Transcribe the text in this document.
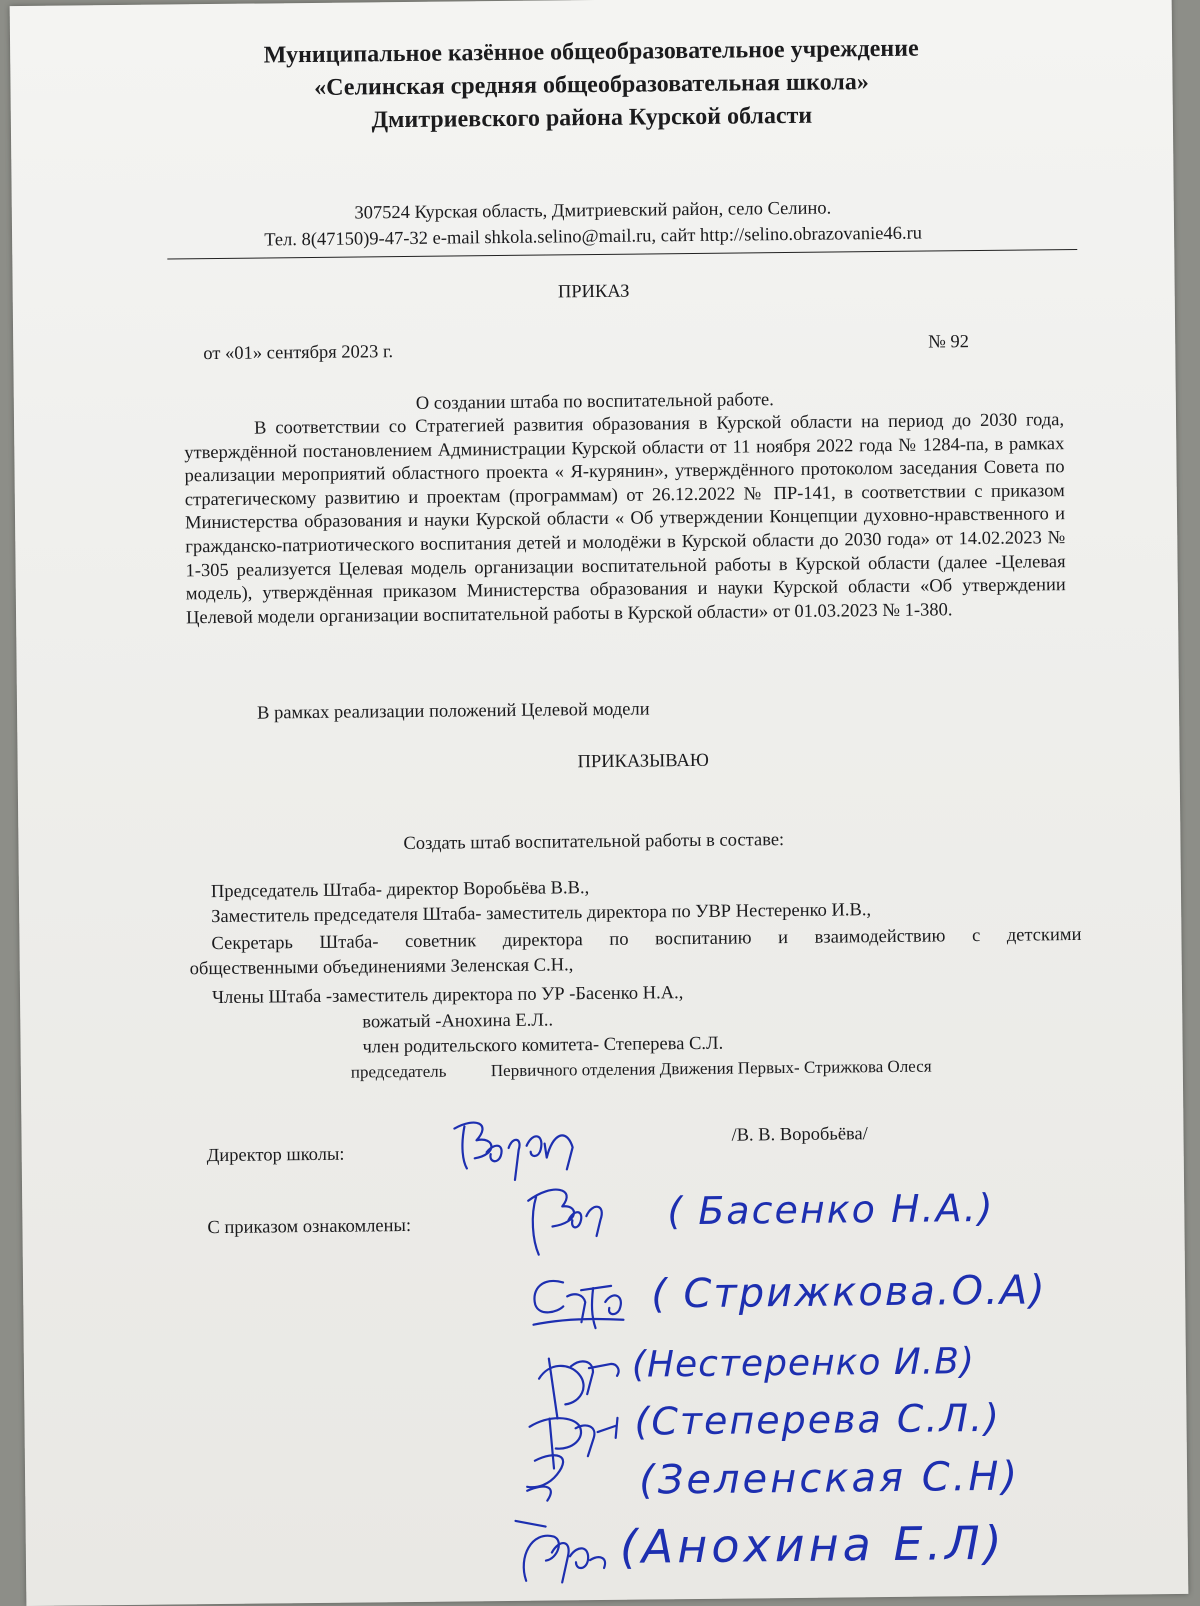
Муниципальное казённое общеобразовательное учреждение
«Селинская средняя общеобразовательная школа»
Дмитриевского района Курской области
307524 Курская область, Дмитриевский район, село Селино.
Тел. 8(47150)9-47-32 e-mail shkola.selino@mail.ru, сайт http://selino.obrazovanie46.ru
ПРИКАЗ
от «01» сентября 2023 г.	№ 92
О создании штаба по воспитательной работе.
В соответствии со Стратегией развития образования в Курской области на период до 2030 года, утверждённой постановлением Администрации Курской области от 11 ноября 2022 года № 1284-па, в рамках реализации мероприятий областного проекта « Я-курянин», утверждённого протоколом заседания Совета по стратегическому развитию и проектам (программам) от 26.12.2022 № ПР-141, в соответствии с приказом Министерства образования и науки Курской области « Об утверждении Концепции духовно-нравственного и гражданско-патриотического воспитания детей и молодёжи в Курской области до 2030 года» от 14.02.2023 № 1-305 реализуется Целевая модель организации воспитательной работы в Курской области (далее -Целевая модель), утверждённая приказом Министерства образования и науки Курской области «Об утверждении Целевой модели организации воспитательной работы в Курской области» от 01.03.2023 № 1-380.
В рамках реализации положений Целевой модели
ПРИКАЗЫВАЮ
Создать штаб воспитательной работы в составе:
Председатель Штаба- директор Воробьёва В.В.,
Заместитель председателя Штаба- заместитель директора по УВР Нестеренко И.В.,
Секретарь Штаба- советник директора по воспитанию и взаимодействию с детскими
общественными объединениями Зеленская С.Н.,
Члены Штаба -заместитель директора по УР -Басенко Н.А.,
вожатый -Анохина Е.Л..
член родительского комитета- Степерева С.Л.
председатель	Первичного отделения Движения Первых- Стрижкова Олеся
Директор школы:
/В. В. Воробьёва/
С приказом ознакомлены:	( Басенко Н.А.)
( Стрижкова.О.А)
(Нестеренко И.В)
(Степерева С.Л.)
(Зеленская С.Н)
(Анохина Е.Л)
